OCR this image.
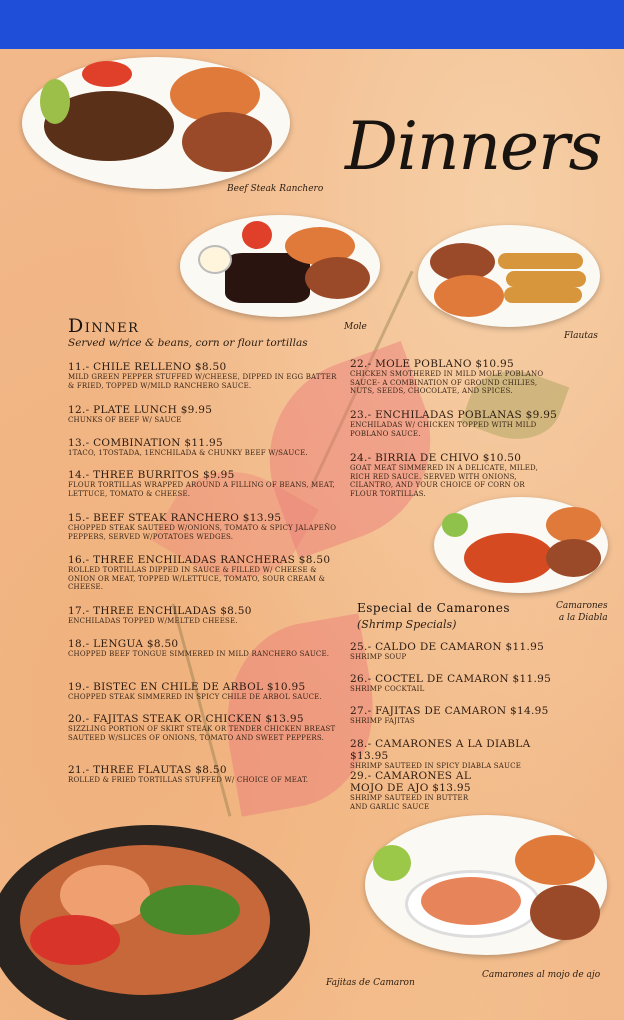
Dinners
Beef Steak Ranchero
Mole
Flautas
Camarones
a la Diabla
Fajitas de Camaron
Camarones al mojo de ajo
Dinner
Served w/rice & beans, corn or flour tortillas
11.- CHILE RELLENO $8.50
MILD GREEN PEPPER STUFFED W/CHEESE, DIPPED IN EGG BATTER & FRIED, TOPPED W/MILD RANCHERO SAUCE.
12.- PLATE LUNCH $9.95
CHUNKS OF BEEF W/ SAUCE
13.- COMBINATION $11.95
1TACO, 1TOSTADA, 1ENCHILADA & CHUNKY BEEF W/SAUCE.
14.- THREE BURRITOS $9.95
FLOUR TORTILLAS WRAPPED AROUND A FILLING OF BEANS, MEAT, LETTUCE, TOMATO & CHEESE.
15.- BEEF STEAK RANCHERO $13.95
CHOPPED STEAK SAUTEED W/ONIONS, TOMATO & SPICY JALAPEÑO PEPPERS, SERVED W/POTATOES WEDGES.
16.- THREE ENCHILADAS RANCHERAS $8.50
ROLLED TORTILLAS DIPPED IN SAUCE & FILLED W/ CHEESE & ONION OR MEAT, TOPPED W/LETTUCE, TOMATO, SOUR CREAM & CHEESE.
17.- THREE ENCHILADAS $8.50
ENCHILADAS TOPPED W/MELTED CHEESE.
18.- LENGUA $8.50
CHOPPED BEEF TONGUE SIMMERED IN MILD RANCHERO SAUCE.
19.- BISTEC EN CHILE DE ARBOL $10.95
CHOPPED STEAK SIMMERED IN SPICY CHILE DE ARBOL SAUCE.
20.- FAJITAS STEAK OR CHICKEN $13.95
SIZZLING PORTION OF SKIRT STEAK OR TENDER CHICKEN BREAST SAUTEED W/SLICES OF ONIONS, TOMATO AND SWEET PEPPERS.
21.- THREE FLAUTAS $8.50
ROLLED & FRIED TORTILLAS STUFFED W/ CHOICE OF MEAT.
22.- MOLE POBLANO $10.95
CHICKEN SMOTHERED IN MILD MOLE POBLANO SAUCE- A COMBINATION OF GROUND CHILIES, NUTS, SEEDS, CHOCOLATE, AND SPICES.
23.- ENCHILADAS POBLANAS $9.95
ENCHILADAS W/ CHICKEN TOPPED WITH MILD POBLANO SAUCE.
24.- BIRRIA DE CHIVO $10.50
GOAT MEAT SIMMERED IN A DELICATE, MILED, RICH RED SAUCE. SERVED WITH ONIONS, CILANTRO, AND YOUR CHOICE OF CORN OR FLOUR TORTILLAS.
Especial de Camarones
(Shrimp Specials)
25.- CALDO DE CAMARON $11.95
SHRIMP SOUP
26.- COCTEL DE CAMARON $11.95
SHRIMP COCKTAIL
27.- FAJITAS DE CAMARON $14.95
SHRIMP FAJITAS
28.- CAMARONES A LA DIABLA $13.95
SHRIMP SAUTEED IN SPICY DIABLA SAUCE
29.- CAMARONES AL MOJO DE AJO $13.95
SHRIMP SAUTEED IN BUTTER AND GARLIC SAUCE
